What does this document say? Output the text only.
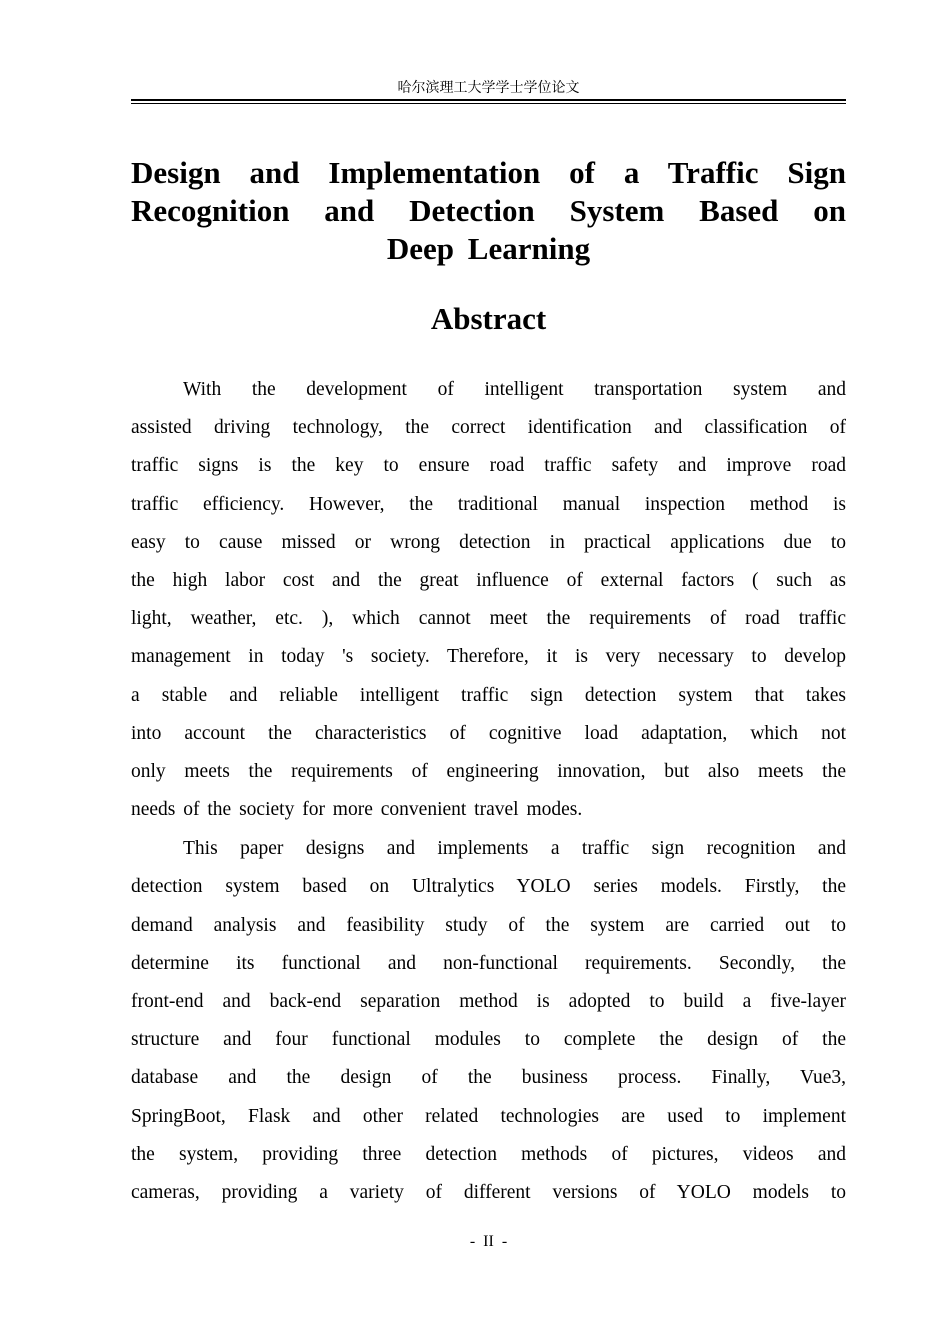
哈尔滨理工大学学士学位论文
Design and Implementation of a Traffic Sign
Recognition and Detection System Based on
Deep Learning
Abstract
With the development of intelligent transportation system and
assisted driving technology, the correct identification and classification of
traffic signs is the key to ensure road traffic safety and improve road
traffic efficiency. However, the traditional manual inspection method is
easy to cause missed or wrong detection in practical applications due to
the high labor cost and the great influence of external factors ( such as
light, weather, etc. ), which cannot meet the requirements of road traffic
management in today 's society. Therefore, it is very necessary to develop
a stable and reliable intelligent traffic sign detection system that takes
into account the characteristics of cognitive load adaptation, which not
only meets the requirements of engineering innovation, but also meets the
needs of the society for more convenient travel modes.
This paper designs and implements a traffic sign recognition and
detection system based on Ultralytics YOLO series models. Firstly, the
demand analysis and feasibility study of the system are carried out to
determine its functional and non-functional requirements. Secondly, the
front-end and back-end separation method is adopted to build a five-layer
structure and four functional modules to complete the design of the
database and the design of the business process. Finally, Vue3,
SpringBoot, Flask and other related technologies are used to implement
the system, providing three detection methods of pictures, videos and
cameras, providing a variety of different versions of YOLO models to
- II -
